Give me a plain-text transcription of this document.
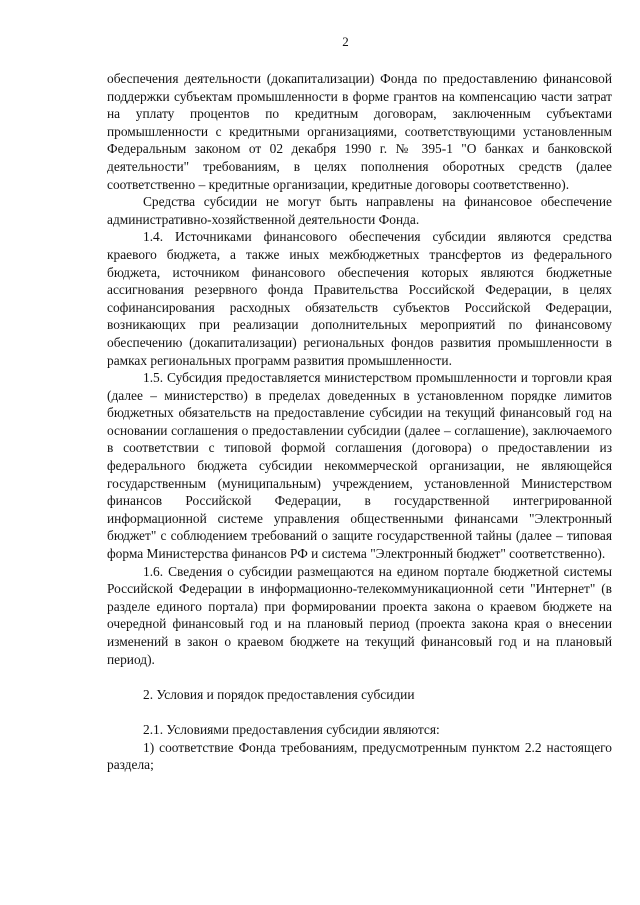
2

обеспечения деятельности (докапитализации) Фонда по предоставлению финансовой поддержки субъектам промышленности в форме грантов на компенсацию части затрат на уплату процентов по кредитным договорам, заключенным субъектами промышленности с кредитными организациями, соответствующими установленным Федеральным законом от 02 декабря 1990 г. № 395-1 "О банках и банковской деятельности" требованиям, в целях пополнения оборотных средств (далее соответственно – кредитные организации, кредитные договоры соответственно).

Средства субсидии не могут быть направлены на финансовое обеспечение административно-хозяйственной деятельности Фонда.

1.4. Источниками финансового обеспечения субсидии являются средства краевого бюджета, а также иных межбюджетных трансфертов из федерального бюджета, источником финансового обеспечения которых являются бюджетные ассигнования резервного фонда Правительства Российской Федерации, в целях софинансирования расходных обязательств субъектов Российской Федерации, возникающих при реализации дополнительных мероприятий по финансовому обеспечению (докапитализации) региональных фондов развития промышленности в рамках региональных программ развития промышленности.

1.5. Субсидия предоставляется министерством промышленности и торговли края (далее – министерство) в пределах доведенных в установленном порядке лимитов бюджетных обязательств на предоставление субсидии на текущий финансовый год на основании соглашения о предоставлении субсидии (далее – соглашение), заключаемого в соответствии с типовой формой соглашения (договора) о предоставлении из федерального бюджета субсидии некоммерческой организации, не являющейся государственным (муниципальным) учреждением, установленной Министерством финансов Российской Федерации, в государственной интегрированной информационной системе управления общественными финансами "Электронный бюджет" с соблюдением требований о защите государственной тайны (далее – типовая форма Министерства финансов РФ и система "Электронный бюджет" соответственно).

1.6. Сведения о субсидии размещаются на едином портале бюджетной системы Российской Федерации в информационно-телекоммуникационной сети "Интернет" (в разделе единого портала) при формировании проекта закона о краевом бюджете на очередной финансовый год и на плановый период (проекта закона края о внесении изменений в закон о краевом бюджете на текущий финансовый год и на плановый период).

2. Условия и порядок предоставления субсидии

2.1. Условиями предоставления субсидии являются:

1) соответствие Фонда требованиям, предусмотренным пунктом 2.2 настоящего раздела;
